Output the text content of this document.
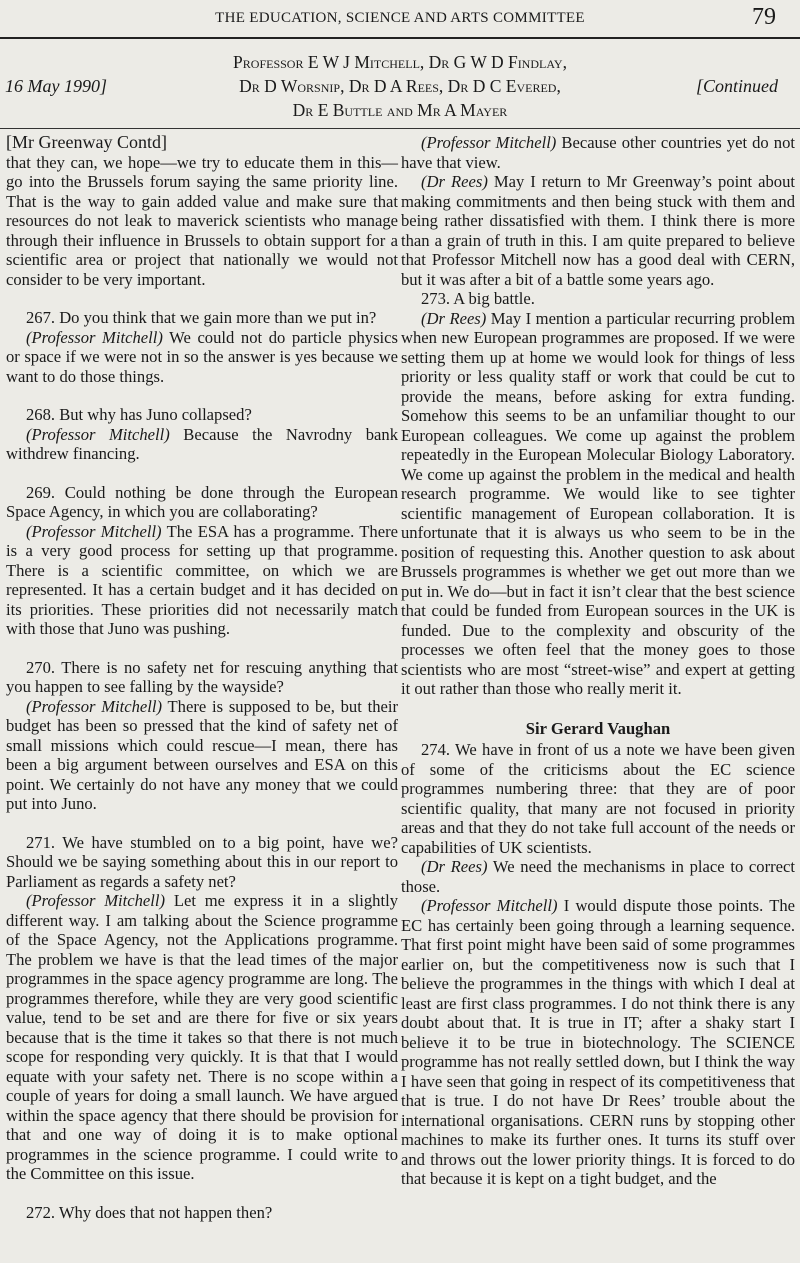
THE EDUCATION, SCIENCE AND ARTS COMMITTEE	79
Professor E W J Mitchell, Dr G W D Findlay,
Dr D Worsnip, Dr D A Rees, Dr D C Evered,
Dr E Buttle and Mr A Mayer
16 May 1990]	[Continued

[Mr Greenway Contd]

that they can, we hope—we try to educate them in this—go into the Brussels forum saying the same priority line. That is the way to gain added value and make sure that resources do not leak to maverick scientists who manage through their influence in Brussels to obtain support for a scientific area or project that nationally we would not consider to be very important.

267. Do you think that we gain more than we put in?

(Professor Mitchell) We could not do particle physics or space if we were not in so the answer is yes because we want to do those things.

268. But why has Juno collapsed?

(Professor Mitchell) Because the Navrodny bank withdrew financing.

269. Could nothing be done through the European Space Agency, in which you are collaborating?

(Professor Mitchell) The ESA has a programme. There is a very good process for setting up that programme. There is a scientific committee, on which we are represented. It has a certain budget and it has decided on its priorities. These priorities did not necessarily match with those that Juno was pushing.

270. There is no safety net for rescuing anything that you happen to see falling by the wayside?

(Professor Mitchell) There is supposed to be, but their budget has been so pressed that the kind of safety net of small missions which could rescue—I mean, there has been a big argument between ourselves and ESA on this point. We certainly do not have any money that we could put into Juno.

271. We have stumbled on to a big point, have we? Should we be saying something about this in our report to Parliament as regards a safety net?

(Professor Mitchell) Let me express it in a slightly different way. I am talking about the Science programme of the Space Agency, not the Applications programme. The problem we have is that the lead times of the major programmes in the space agency programme are long. The programmes therefore, while they are very good scientific value, tend to be set and are there for five or six years because that is the time it takes so that there is not much scope for responding very quickly. It is that that I would equate with your safety net. There is no scope within a couple of years for doing a small launch. We have argued within the space agency that there should be provision for that and one way of doing it is to make optional programmes in the science programme. I could write to the Committee on this issue.

272. Why does that not happen then?

(Professor Mitchell) Because other countries yet do not have that view.

(Dr Rees) May I return to Mr Greenway’s point about making commitments and then being stuck with them and being rather dissatisfied with them. I think there is more than a grain of truth in this. I am quite prepared to believe that Professor Mitchell now has a good deal with CERN, but it was after a bit of a battle some years ago.

273. A big battle.

(Dr Rees) May I mention a particular recurring problem when new European programmes are proposed. If we were setting them up at home we would look for things of less priority or less quality staff or work that could be cut to provide the means, before asking for extra funding. Somehow this seems to be an unfamiliar thought to our European colleagues. We come up against the problem repeatedly in the European Molecular Biology Laboratory. We come up against the problem in the medical and health research programme. We would like to see tighter scientific management of European collaboration. It is unfortunate that it is always us who seem to be in the position of requesting this. Another question to ask about Brussels programmes is whether we get out more than we put in. We do—but in fact it isn’t clear that the best science that could be funded from European sources in the UK is funded. Due to the complexity and obscurity of the processes we often feel that the money goes to those scientists who are most “street-wise” and expert at getting it out rather than those who really merit it.

Sir Gerard Vaughan

274. We have in front of us a note we have been given of some of the criticisms about the EC science programmes numbering three: that they are of poor scientific quality, that many are not focused in priority areas and that they do not take full account of the needs or capabilities of UK scientists.

(Dr Rees) We need the mechanisms in place to correct those.

(Professor Mitchell) I would dispute those points. The EC has certainly been going through a learning sequence. That first point might have been said of some programmes earlier on, but the competitiveness now is such that I believe the programmes in the things with which I deal at least are first class programmes. I do not think there is any doubt about that. It is true in IT; after a shaky start I believe it to be true in biotechnology. The SCIENCE programme has not really settled down, but I think the way I have seen that going in respect of its competitiveness that that is true. I do not have Dr Rees’ trouble about the international organisations. CERN runs by stopping other machines to make its further ones. It turns its stuff over and throws out the lower priority things. It is forced to do that because it is kept on a tight budget, and the
